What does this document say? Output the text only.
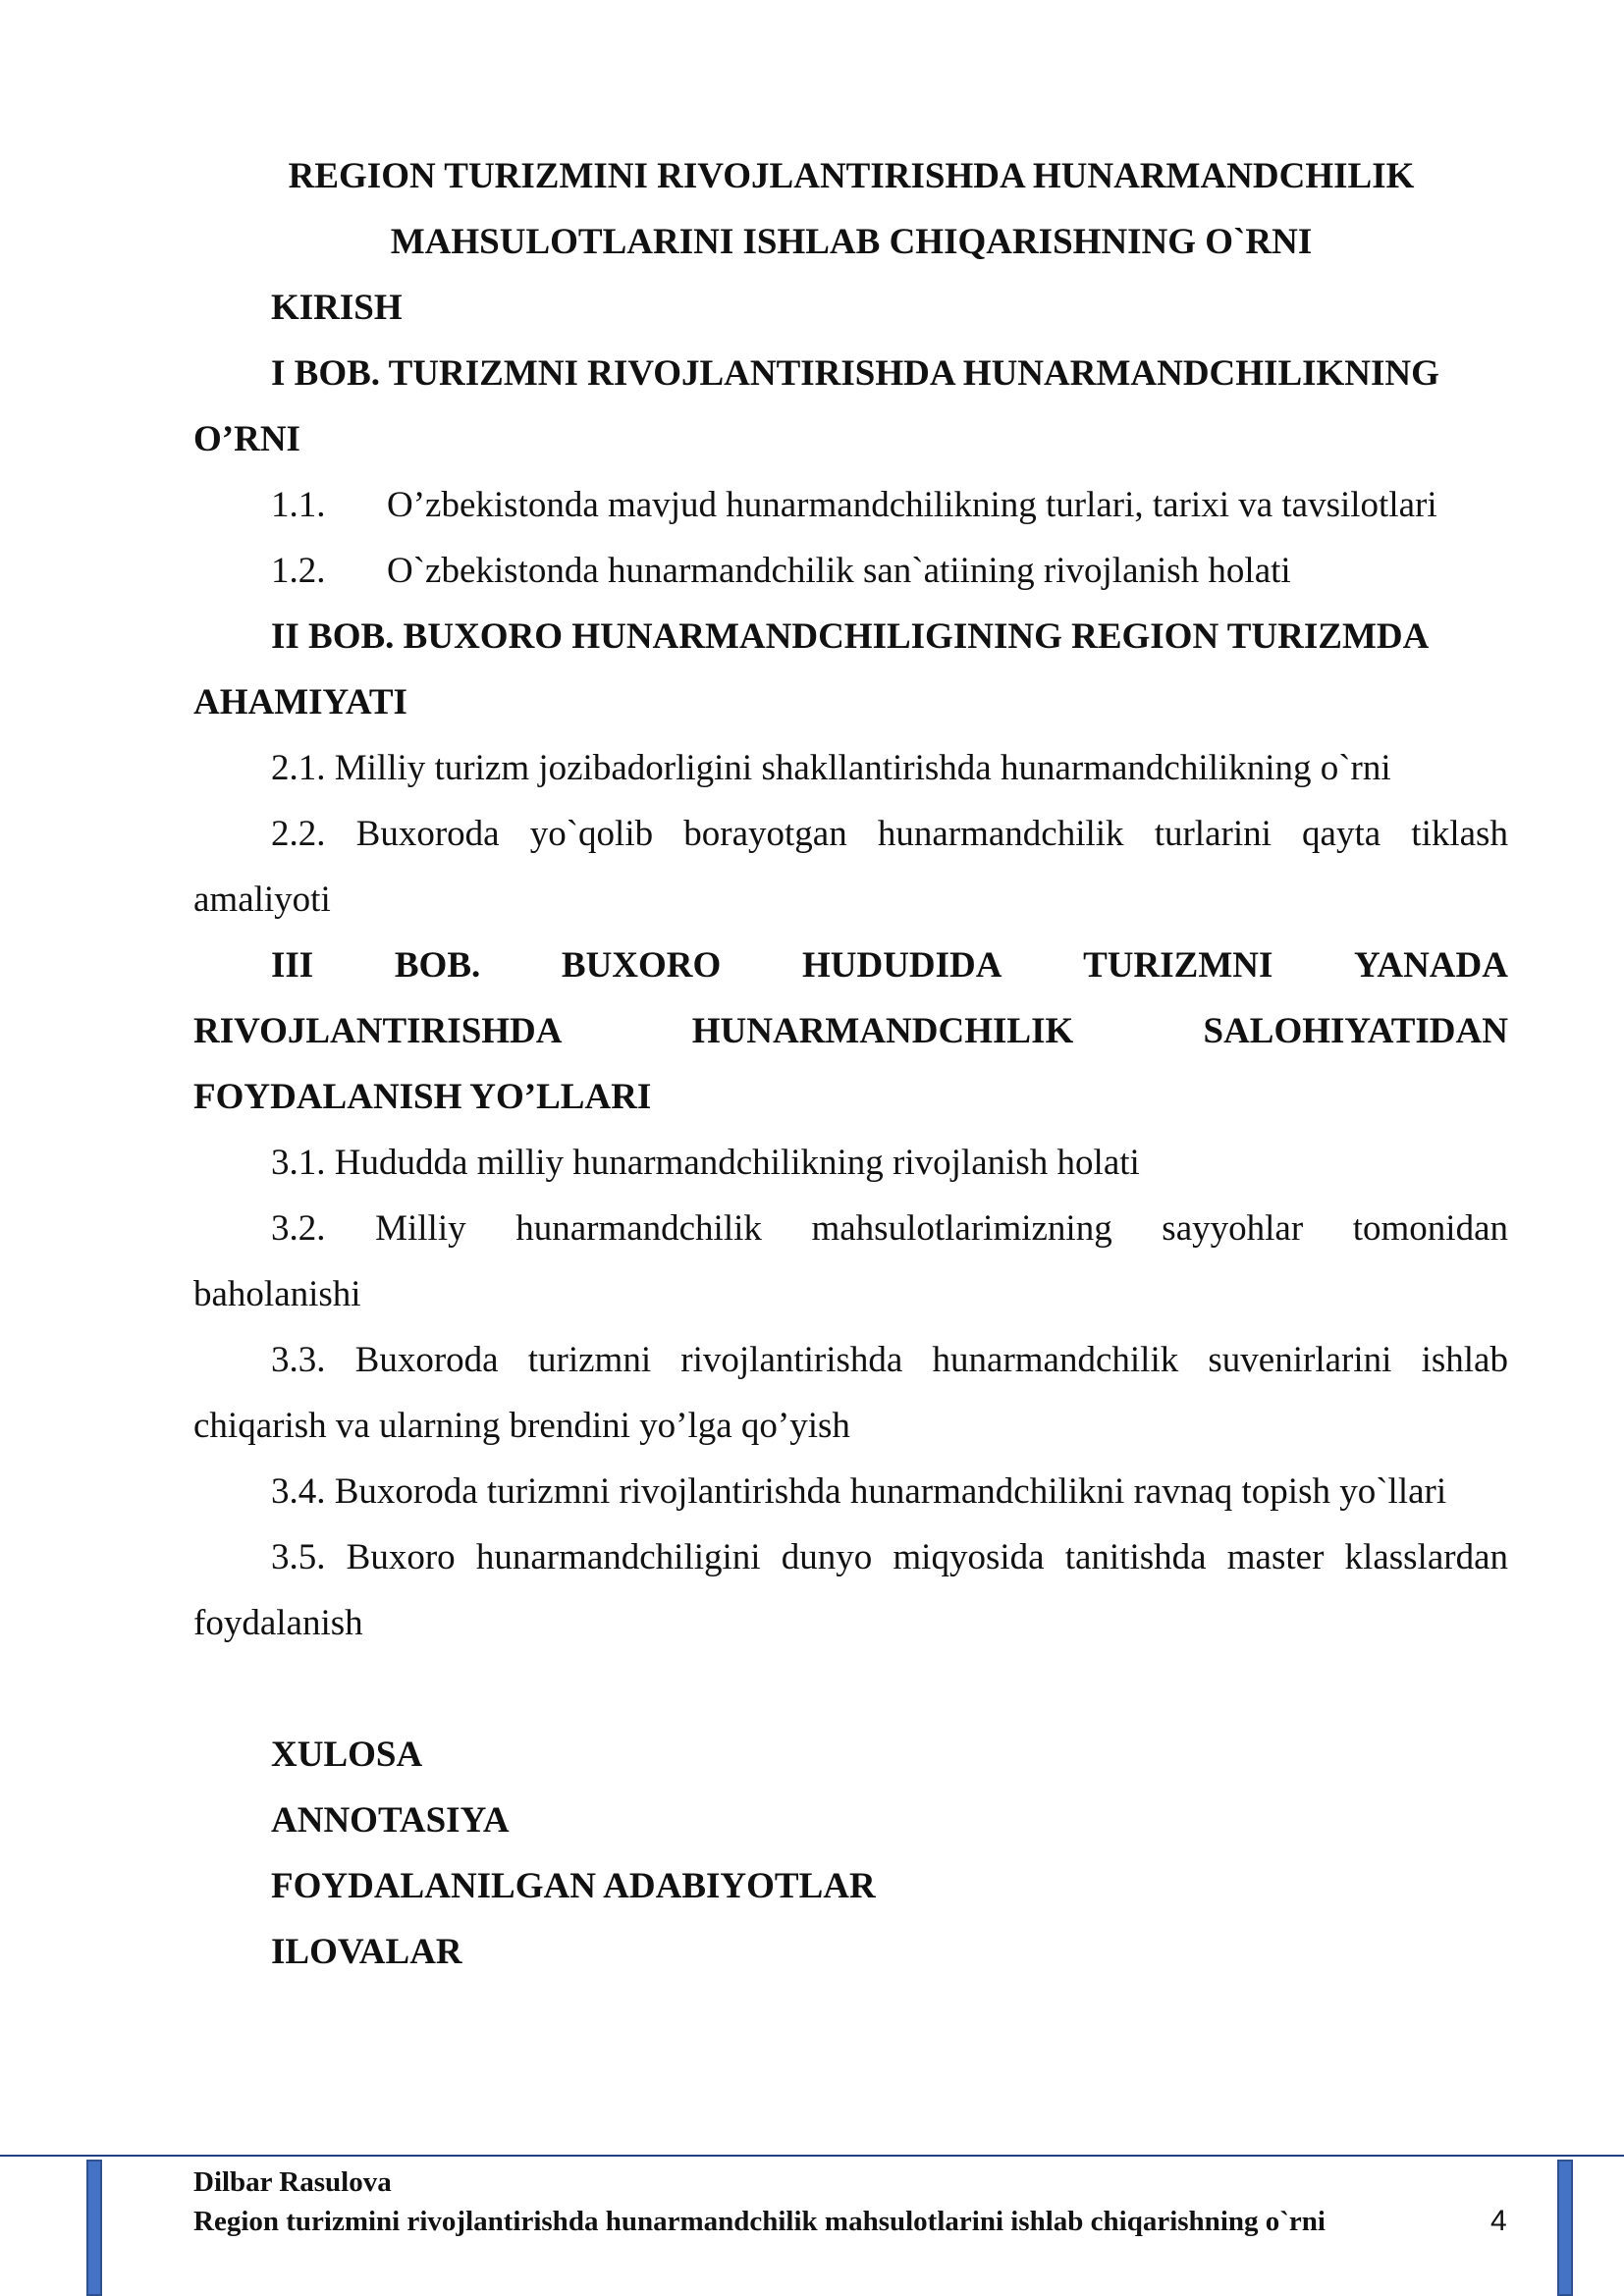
REGION TURIZMINI RIVOJLANTIRISHDA HUNARMANDCHILIK
MAHSULOTLARINI ISHLAB CHIQARISHNING O`RNI
KIRISH
I BOB. TURIZMNI RIVOJLANTIRISHDA HUNARMANDCHILIKNING
O’RNI
1.1. O’zbekistonda mavjud hunarmandchilikning turlari, tarixi va tavsilotlari
1.2. O`zbekistonda hunarmandchilik san`atiining rivojlanish holati
II BOB. BUXORO HUNARMANDCHILIGINING REGION TURIZMDA
AHAMIYATI
2.1. Milliy turizm jozibadorligini shakllantirishda hunarmandchilikning o`rni
2.2. Buxoroda yo`qolib borayotgan hunarmandchilik turlarini qayta tiklash
amaliyoti
III BOB. BUXORO HUDUDIDA TURIZMNI YANADA
RIVOJLANTIRISHDA	HUNARMANDCHILIK	SALOHIYATIDAN
FOYDALANISH YO’LLARI
3.1. Hududda milliy hunarmandchilikning rivojlanish holati
3.2. Milliy hunarmandchilik mahsulotlarimizning sayyohlar tomonidan
baholanishi
3.3. Buxoroda turizmni rivojlantirishda hunarmandchilik suvenirlarini ishlab
chiqarish va ularning brendini yo’lga qo’yish
3.4. Buxoroda turizmni rivojlantirishda hunarmandchilikni ravnaq topish yo`llari
3.5. Buxoro hunarmandchiligini dunyo miqyosida tanitishda master klasslardan
foydalanish
XULOSA
ANNOTASIYA
FOYDALANILGAN ADABIYOTLAR
ILOVALAR
Dilbar Rasulova
Region turizmini rivojlantirishda hunarmandchilik mahsulotlarini ishlab chiqarishning o`rni	4
